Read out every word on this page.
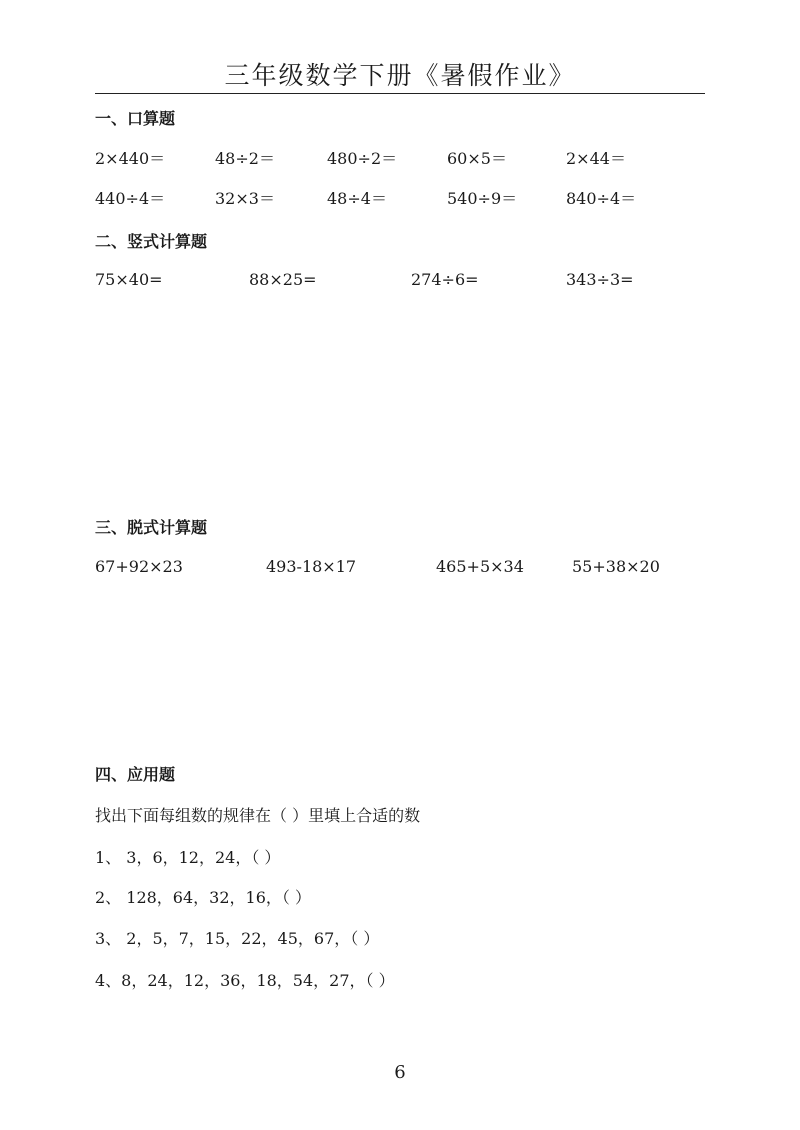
三年级数学下册《暑假作业》
一、口算题
2×440＝	48÷2＝	480÷2＝	60×5＝	2×44＝
440÷4＝	32×3＝	48÷4＝	540÷9＝	840÷4＝
二、竖式计算题
75×40=	88×25=	274÷6=	343÷3=
三、脱式计算题
67+92×23	493-18×17	465+5×34	55+38×20
四、应用题
找出下面每组数的规律在（ ）里填上合适的数
1、 3，6，12，24，（ ）
2、 128，64，32，16，（ ）
3、 2，5，7，15，22，45，67，（ ）
4、8，24，12，36，18，54，27，（ ）
6
